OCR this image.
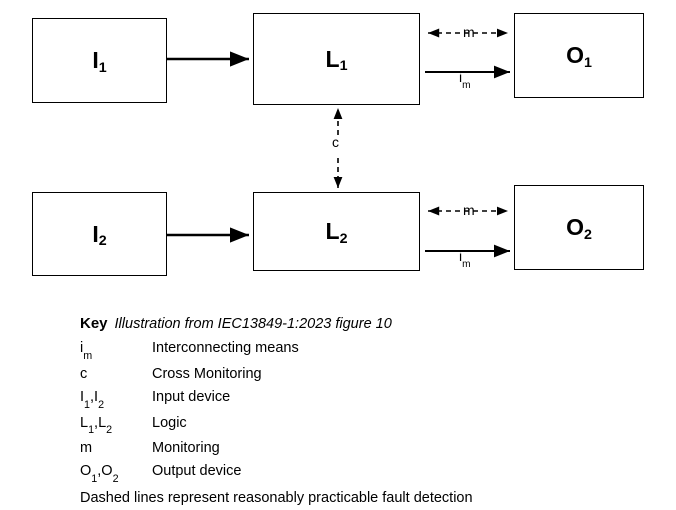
$I_1$	$L_1$	$O_1$
$I_2$	$L_2$	$O_2$
m
$i_m$
c
m
$i_m$
Key Illustration from IEC13849-1:2023 figure 10
$i_m$	Interconnecting means
c	Cross Monitoring
$I_1,I_2$	Input device
$L_1,L_2$	Logic
m	Monitoring
$O_1,O_2$	Output device
Dashed lines represent reasonably practicable fault detection
